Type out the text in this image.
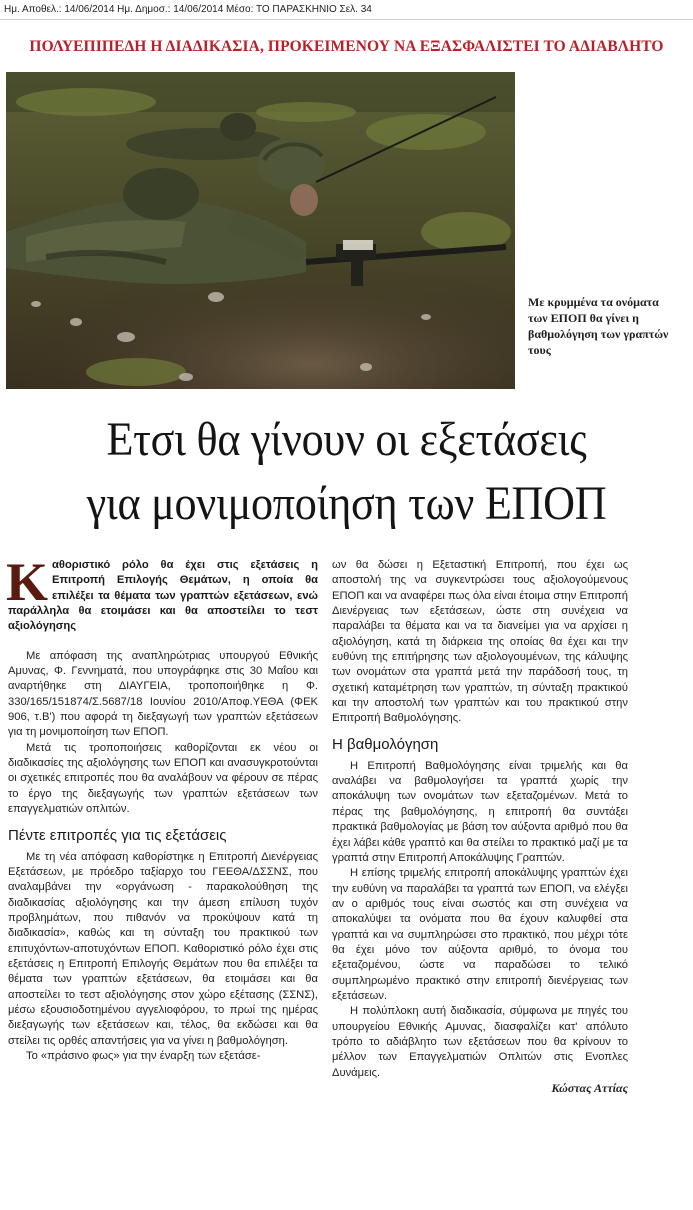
Ημ. Αποθελ.: 14/06/2014 Ημ. Δημοσ.: 14/06/2014 Μέσο: ΤΟ ΠΑΡΑΣΚΗΝΙΟ Σελ. 34
ΠΟΛΥΕΠΙΠΕΔΗ Η ΔΙΑΔΙΚΑΣΙΑ, ΠΡΟΚΕΙΜΕΝΟΥ ΝΑ ΕΞΑΣΦΑΛΙΣΤΕΙ ΤΟ ΑΔΙΑΒΛΗΤΟ
Με κρυμμένα τα ονόματα των ΕΠΟΠ θα γίνει η βαθμολόγηση των γραπτών τους
Ετσι θα γίνουν οι εξετάσεις
για μονιμοποίηση των ΕΠΟΠ
Καθοριστικό ρόλο θα έχει στις εξετάσεις η Επιτροπή Επιλογής Θεμάτων, η οποία θα επιλέξει τα θέματα των γραπτών εξετάσεων, ενώ παράλληλα θα ετοιμάσει και θα αποστείλει το τεστ αξιολόγησης

Με απόφαση της αναπληρώτριας υπουργού Εθνικής Αμυνας, Φ. Γεννηματά, που υπογράφηκε στις 30 Μαΐου και αναρτήθηκε στη ΔΙΑΥΓΕΙΑ, τροποποιήθηκε η Φ. 330/165/151874/Σ.5687/18 Ιουνίου 2010/Αποφ.ΥΕΘΑ (ΦΕΚ 906, τ.Β') που αφορά τη διεξαγωγή των γραπτών εξετάσεων για τη μονιμοποίηση των ΕΠΟΠ.

Μετά τις τροποποιήσεις καθορίζονται εκ νέου οι διαδικασίες της αξιολόγησης των ΕΠΟΠ και ανασυγκροτούνται οι σχετικές επιτροπές που θα αναλάβουν να φέρουν σε πέρας το έργο της διεξαγωγής των γραπτών εξετάσεων των επαγγελματιών οπλιτών.

Πέντε επιτροπές για τις εξετάσεις

Με τη νέα απόφαση καθορίστηκε η Επιτροπή Διενέργειας Εξετάσεων, με πρόεδρο ταξίαρχο του ΓΕΕΘΑ/ΔΣΣΝΣ, που αναλαμβάνει την «οργάνωση - παρακολούθηση της διαδικασίας αξιολόγησης και την άμεση επίλυση τυχόν προβλημάτων, που πιθανόν να προκύψουν κατά τη διαδικασία», καθώς και τη σύνταξη του πρακτικού των επιτυχόντων-αποτυχόντων ΕΠΟΠ. Καθοριστικό ρόλο έχει στις εξετάσεις η Επιτροπή Επιλογής Θεμάτων που θα επιλέξει τα θέματα των γραπτών εξετάσεων, θα ετοιμάσει και θα αποστείλει το τεστ αξιολόγησης στον χώρο εξέτασης (ΣΣΝΣ), μέσω εξουσιοδοτημένου αγγελιοφόρου, το πρωί της ημέρας διεξαγωγής των εξετάσεων και, τέλος, θα εκδώσει και θα στείλει τις ορθές απαντήσεις για να γίνει η βαθμολόγηση.

Το «πράσινο φως» για την έναρξη των εξετάσε-

ων θα δώσει η Εξεταστική Επιτροπή, που έχει ως αποστολή της να συγκεντρώσει τους αξιολογούμενους ΕΠΟΠ και να αναφέρει πως όλα είναι έτοιμα στην Επιτροπή Διενέργειας των εξετάσεων, ώστε στη συνέχεια να παραλάβει τα θέματα και να τα διανείμει για να αρχίσει η αξιολόγηση, κατά τη διάρκεια της οποίας θα έχει και την ευθύνη της επιτήρησης των αξιολογουμένων, της κάλυψης των ονομάτων στα γραπτά μετά την παράδοσή τους, τη σχετική καταμέτρηση των γραπτών, τη σύνταξη πρακτικού και την αποστολή των γραπτών και του πρακτικού στην Επιτροπή Βαθμολόγησης.

Η βαθμολόγηση

Η Επιτροπή Βαθμολόγησης είναι τριμελής και θα αναλάβει να βαθμολογήσει τα γραπτά χωρίς την αποκάλυψη των ονομάτων των εξεταζομένων. Μετά το πέρας της βαθμολόγησης, η επιτροπή θα συντάξει πρακτικά βαθμολογίας με βάση τον αύξοντα αριθμό που θα έχει λάβει κάθε γραπτό και θα στείλει το πρακτικό μαζί με τα γραπτά στην Επιτροπή Αποκάλυψης Γραπτών.

Η επίσης τριμελής επιτροπή αποκάλυψης γραπτών έχει την ευθύνη να παραλάβει τα γραπτά των ΕΠΟΠ, να ελέγξει αν ο αριθμός τους είναι σωστός και στη συνέχεια να αποκαλύψει τα ονόματα που θα έχουν καλυφθεί στα γραπτά και να συμπληρώσει στο πρακτικό, που μέχρι τότε θα έχει μόνο τον αύξοντα αριθμό, το όνομα του εξεταζομένου, ώστε να παραδώσει το τελικό συμπληρωμένο πρακτικό στην επιτροπή διενέργειας των εξετάσεων.

Η πολύπλοκη αυτή διαδικασία, σύμφωνα με πηγές του υπουργείου Εθνικής Αμυνας, διασφαλίζει κατ' απόλυτο τρόπο το αδιάβλητο των εξετάσεων που θα κρίνουν το μέλλον των Επαγγελματιών Οπλιτών στις Ενοπλες Δυνάμεις.

Κώστας Αττίας
